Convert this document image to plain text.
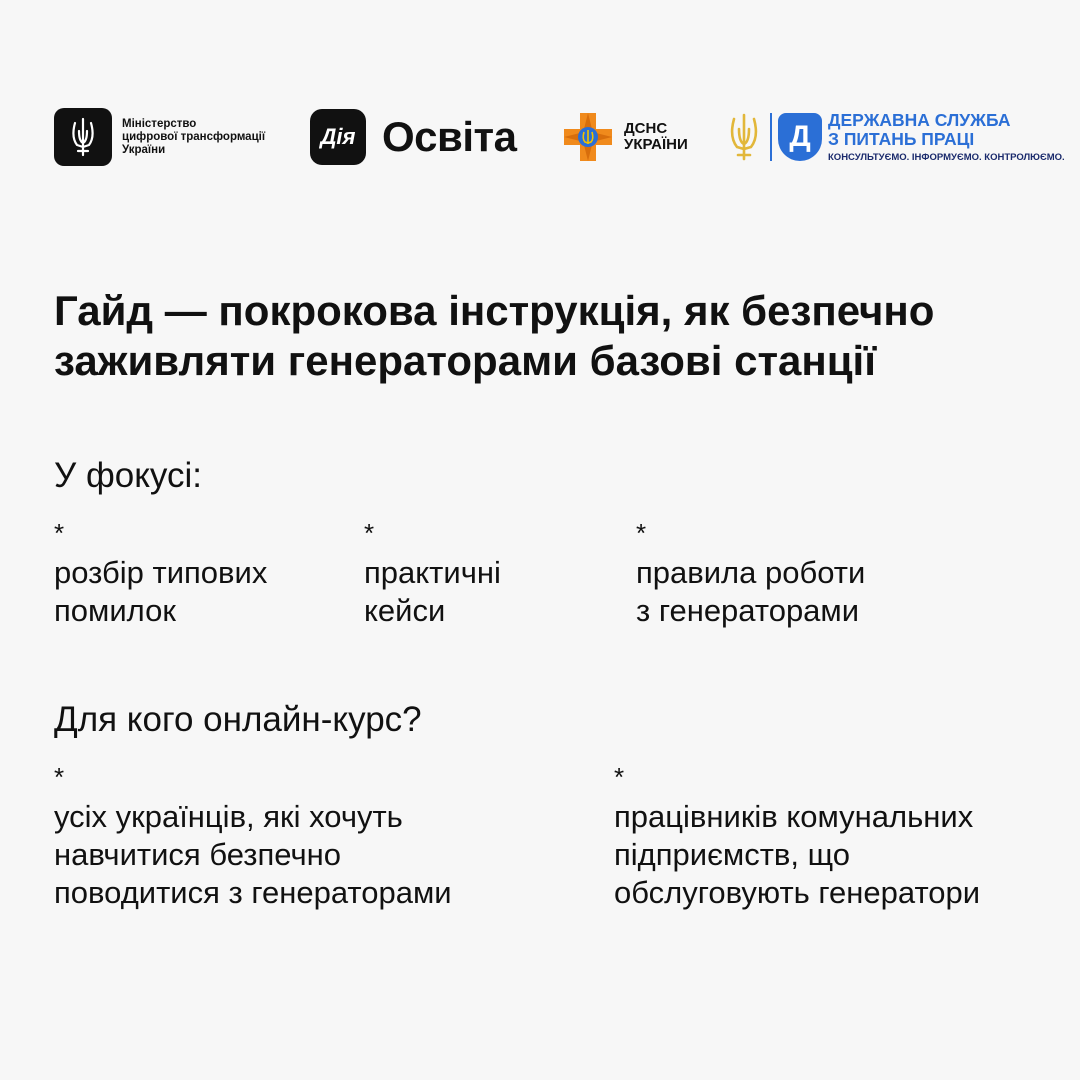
Міністерство
цифрової трансформації
України
Дія Освіта	ДСНС
УКРАЇНИ	Д
ДЕРЖАВНА СЛУЖБА
З ПИТАНЬ ПРАЦІ
КОНСУЛЬТУЄМО. ІНФОРМУЄМО. КОНТРОЛЮЄМО.
Гайд — покрокова інструкція, як безпечно заживляти генераторами базові станції
У фокусі:
*
розбір типових
помилок
*
практичні
кейси
*
правила роботи
з генераторами
Для кого онлайн-курс?
*
усіх українців, які хочуть
навчитися безпечно
поводитися з генераторами
*
працівників комунальних
підприємств, що
обслуговують генератори
